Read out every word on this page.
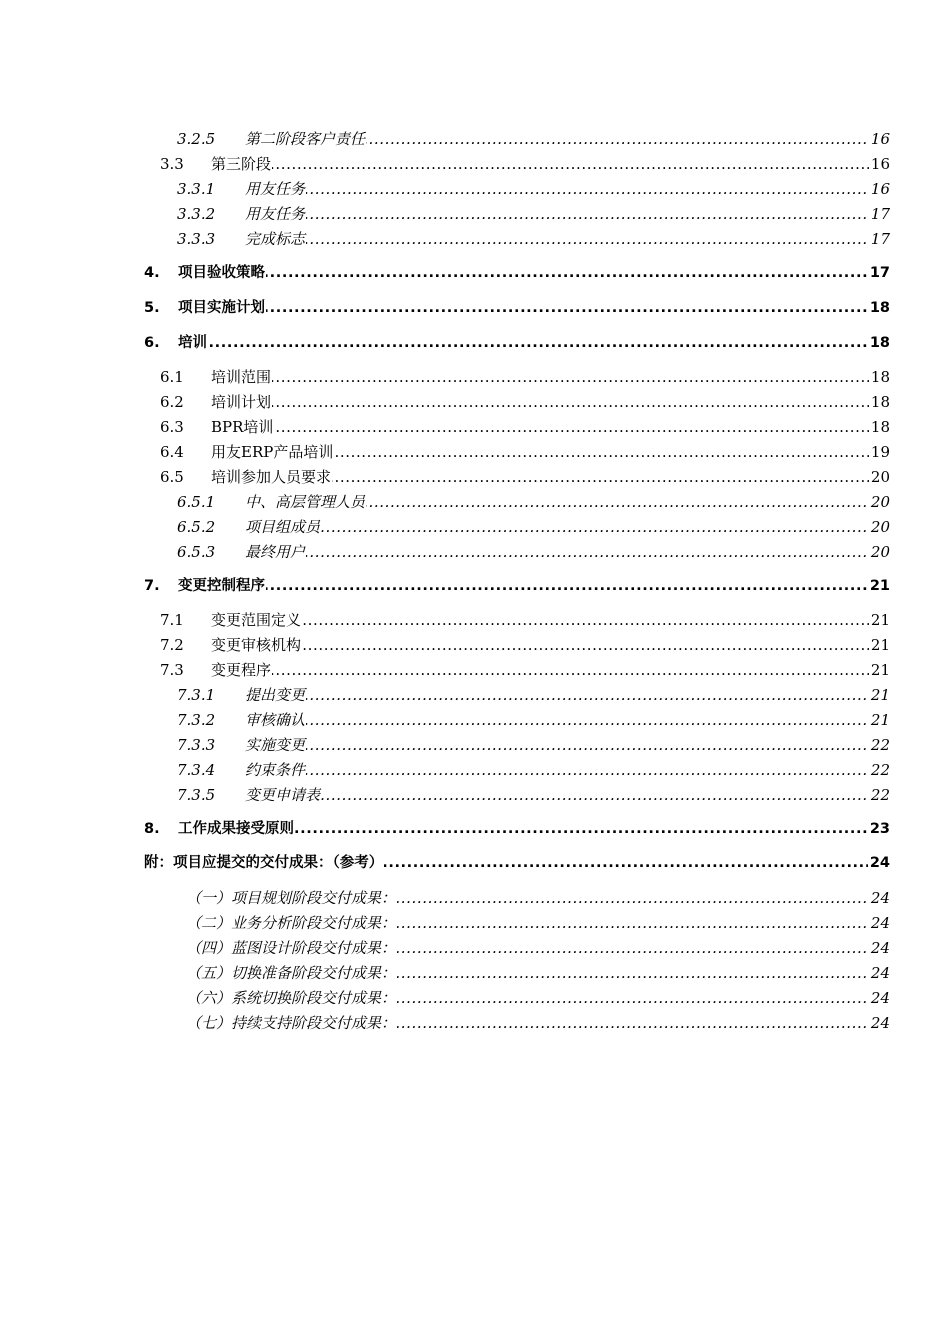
3.2.5 第二阶段客户责任 .....	16
3.3 第三阶段 .....	16
3.3.1 用友任务 .....	16
3.3.2 用友任务 .....	17
3.3.3 完成标志 .....	17
4. 项目验收策略 .....	17
5. 项目实施计划 .....	18
6. 培训 .....	18
6.1 培训范围 .....	18
6.2 培训计划 .....	18
6.3 BPR培训 .....	18
6.4 用友ERP产品培训 .....	19
6.5 培训参加人员要求 .....	20
6.5.1 中、高层管理人员 .....	20
6.5.2 项目组成员 .....	20
6.5.3 最终用户 .....	20
7. 变更控制程序 .....	21
7.1 变更范围定义 .....	21
7.2 变更审核机构 .....	21
7.3 变更程序 .....	21
7.3.1 提出变更 .....	21
7.3.2 审核确认 .....	21
7.3.3 实施变更 .....	22
7.3.4 约束条件 .....	22
7.3.5 变更申请表 .....	22
8. 工作成果接受原则 .....	23
附：项目应提交的交付成果：（参考） .....	24
（一）项目规划阶段交付成果： .....	24
（二）业务分析阶段交付成果： .....	24
（四）蓝图设计阶段交付成果： .....	24
（五）切换准备阶段交付成果： .....	24
（六）系统切换阶段交付成果： .....	24
（七）持续支持阶段交付成果： .....	24
